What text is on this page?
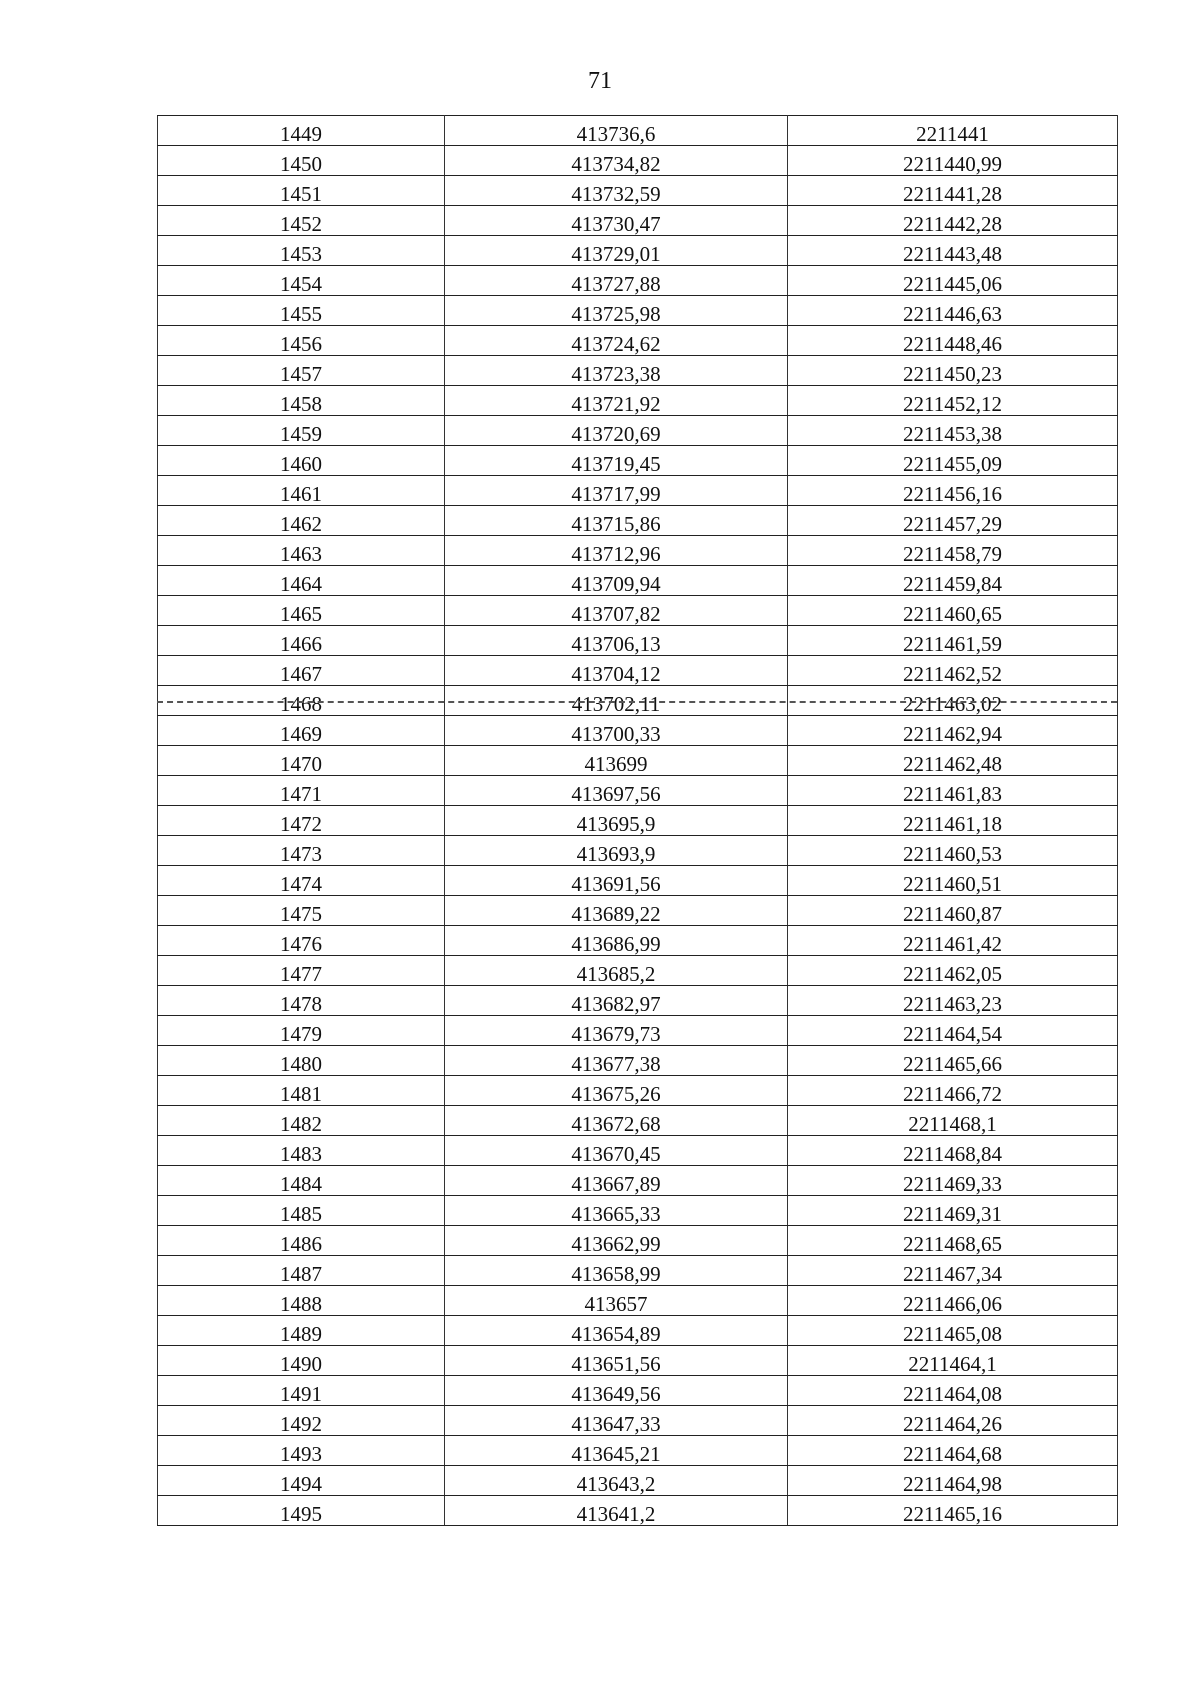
71
1449	413736,6	2211441
1450	413734,82	2211440,99
1451	413732,59	2211441,28
1452	413730,47	2211442,28
1453	413729,01	2211443,48
1454	413727,88	2211445,06
1455	413725,98	2211446,63
1456	413724,62	2211448,46
1457	413723,38	2211450,23
1458	413721,92	2211452,12
1459	413720,69	2211453,38
1460	413719,45	2211455,09
1461	413717,99	2211456,16
1462	413715,86	2211457,29
1463	413712,96	2211458,79
1464	413709,94	2211459,84
1465	413707,82	2211460,65
1466	413706,13	2211461,59
1467	413704,12	2211462,52
1468	413702,11	2211463,02
1469	413700,33	2211462,94
1470	413699	2211462,48
1471	413697,56	2211461,83
1472	413695,9	2211461,18
1473	413693,9	2211460,53
1474	413691,56	2211460,51
1475	413689,22	2211460,87
1476	413686,99	2211461,42
1477	413685,2	2211462,05
1478	413682,97	2211463,23
1479	413679,73	2211464,54
1480	413677,38	2211465,66
1481	413675,26	2211466,72
1482	413672,68	2211468,1
1483	413670,45	2211468,84
1484	413667,89	2211469,33
1485	413665,33	2211469,31
1486	413662,99	2211468,65
1487	413658,99	2211467,34
1488	413657	2211466,06
1489	413654,89	2211465,08
1490	413651,56	2211464,1
1491	413649,56	2211464,08
1492	413647,33	2211464,26
1493	413645,21	2211464,68
1494	413643,2	2211464,98
1495	413641,2	2211465,16
